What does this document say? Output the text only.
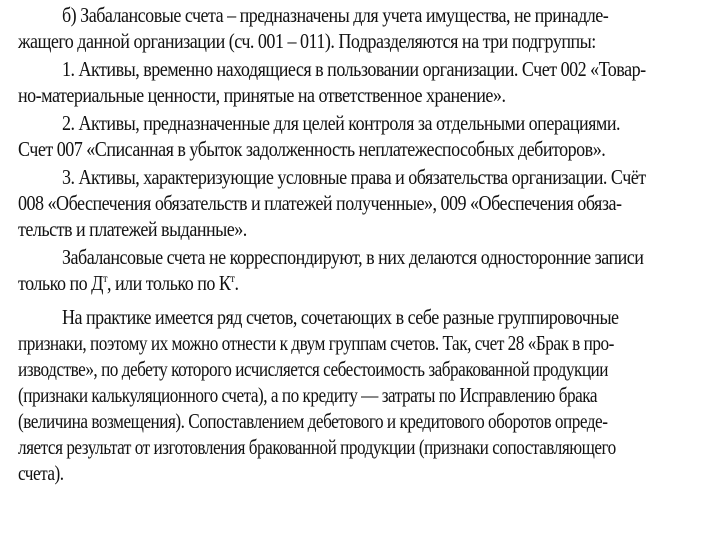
б) Забалансовые счета – предназначены для учета имущества, не принадле-
жащего данной организации (сч. 001 – 011). Подразделяются на три подгруппы:
1. Активы, временно находящиеся в пользовании организации. Счет 002 «Товар-
но-материальные ценности, принятые на ответственное хранение».
2. Активы, предназначенные для целей контроля за отдельными операциями.
Счет 007 «Списанная в убыток задолженность неплатежеспособных дебиторов».
3. Активы, характеризующие условные права и обязательства организации. Счёт
008 «Обеспечения обязательств и платежей полученные», 009 «Обеспечения обяза-
тельств и платежей выданные».
Забалансовые счета не корреспондируют, в них делаются односторонние записи
только по $Д^т$, или только по $К^т$.
На практике имеется ряд счетов, сочетающих в себе разные группировочные
признаки, поэтому их можно отнести к двум группам счетов. Так, счет 28 «Брак в про-
изводстве», по дебету которого исчисляется себестоимость забракованной продукции
(признаки калькуляционного счета), а по кредиту — затраты по Исправлению брака
(величина возмещения). Сопоставлением дебетового и кредитового оборотов опреде-
ляется результат от изготовления бракованной продукции (признаки сопоставляющего
счета).
